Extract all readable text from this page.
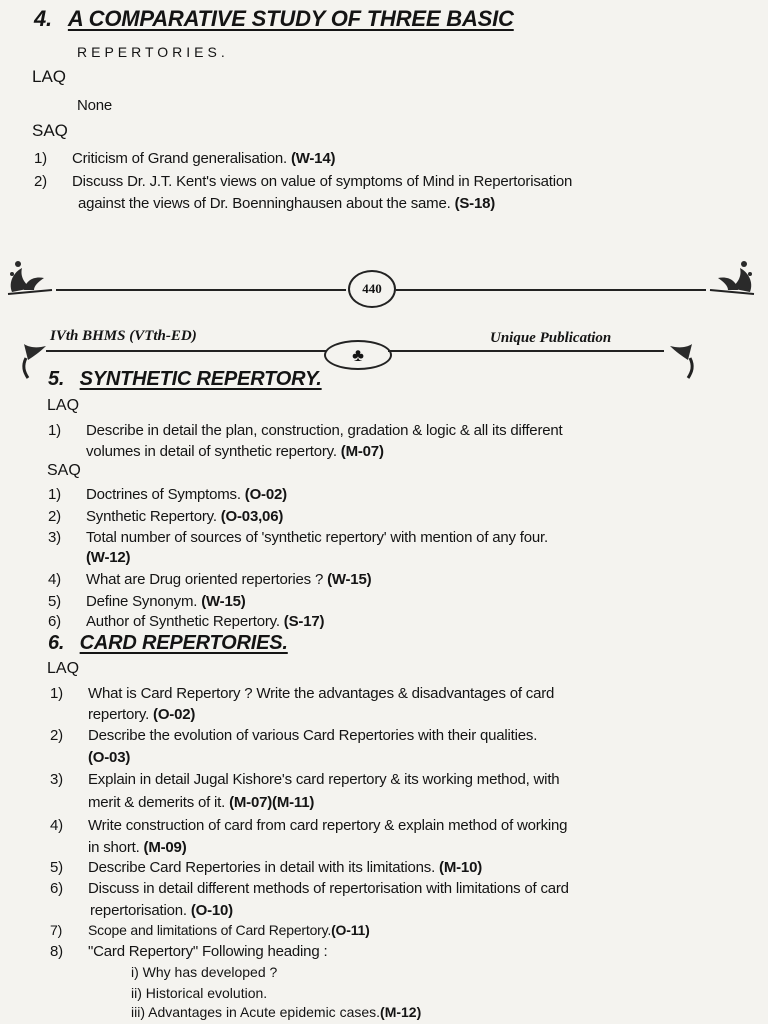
4. A COMPARATIVE STUDY OF THREE BASIC
REPERTORIES.
LAQ
None
SAQ
1) Criticism of Grand generalisation. (W-14)
2) Discuss Dr. J.T. Kent's views on value of symptoms of Mind in Repertorisation
against the views of Dr. Boenninghausen about the same. (S-18)
440
IVth BHMS (VTth-ED)	Unique Publication
♣
5. SYNTHETIC REPERTORY.
LAQ
1) Describe in detail the plan, construction, gradation & logic & all its different
volumes in detail of synthetic repertory. (M-07)
SAQ
1) Doctrines of Symptoms. (O-02)
2) Synthetic Repertory. (O-03,06)
3) Total number of sources of 'synthetic repertory' with mention of any four.
(W-12)
4) What are Drug oriented repertories ? (W-15)
5) Define Synonym. (W-15)
6) Author of Synthetic Repertory. (S-17)
6. CARD REPERTORIES.
LAQ
1) What is Card Repertory ? Write the advantages & disadvantages of card
repertory. (O-02)
2) Describe the evolution of various Card Repertories with their qualities.
(O-03)
3) Explain in detail Jugal Kishore's card repertory & its working method, with
merit & demerits of it. (M-07)(M-11)
4) Write construction of card from card repertory & explain method of working
in short. (M-09)
5) Describe Card Repertories in detail with its limitations. (M-10)
6) Discuss in detail different methods of repertorisation with limitations of card
repertorisation. (O-10)
7) Scope and limitations of Card Repertory.(O-11)
8) "Card Repertory" Following heading :
i) Why has developed ?
ii) Historical evolution.
iii) Advantages in Acute epidemic cases.(M-12)
